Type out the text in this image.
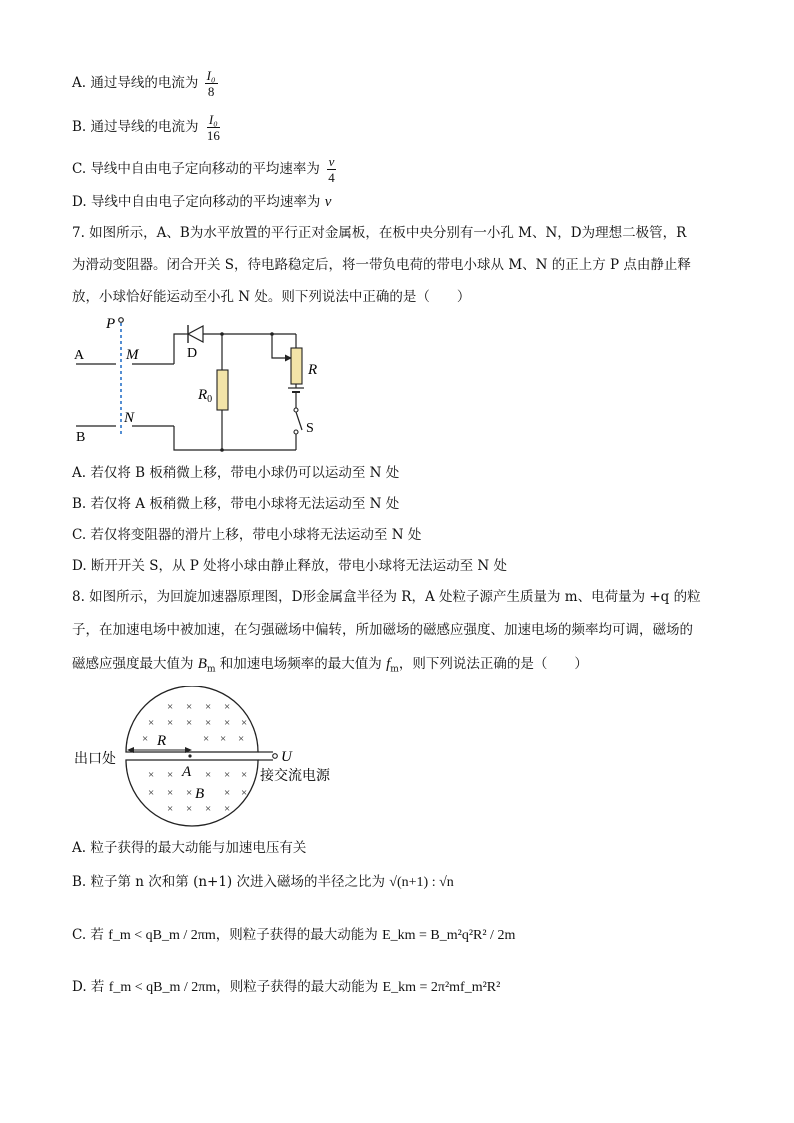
A. 通过导线的电流为 $\frac{\text{I₀}}{8}$
B. 通过导线的电流为 $\frac{\text{I₀}}{16}$
C. 导线中自由电子定向移动的平均速率为 $\frac{v}{4}$
D. 导线中自由电子定向移动的平均速率为 v
7. 如图所示，A、B为水平放置的平行正对金属板，在板中央分别有一小孔 M、N，D为理想二极管，R
为滑动变阻器。闭合开关 S，待电路稳定后，将一带负电荷的带电小球从 M、N 的正上方 P 点由静止释
放，小球恰好能运动至小孔 N 处。则下列说法中正确的是（　　）
P
A	M
B
N
D
$R_0$
R
S
A. 若仅将 B 板稍微上移，带电小球仍可以运动至 N 处
B. 若仅将 A 板稍微上移，带电小球将无法运动至 N 处
C. 若仅将变阻器的滑片上移，带电小球将无法运动至 N 处
D. 断开开关 S，从 P 处将小球由静止释放，带电小球将无法运动至 N 处
8. 如图所示，为回旋加速器原理图，D形金属盒半径为 R，A 处粒子源产生质量为 m、电荷量为 +q 的粒
子，在加速电场中被加速，在匀强磁场中偏转，所加磁场的磁感应强度、加速电场的频率均可调，磁场的
磁感应强度最大值为 $B_m$ 和加速电场频率的最大值为 $f_m$，则下列说法正确的是（　　）
U
接交流电源
出口处
R
A
B
× × × ×
× × × × × ×
×	× × ×
× ×	× × ×
× × ×	× ×
× × × ×
A. 粒子获得的最大动能与加速电压有关
B. 粒子第 n 次和第 (n+1) 次进入磁场的半径之比为 √(n+1) : √n
C. 若 f_m < qB_m / 2πm，则粒子获得的最大动能为 E_km = B_m²q²R² / 2m
D. 若 f_m < qB_m / 2πm，则粒子获得的最大动能为 E_km = 2π²mf_m²R²
